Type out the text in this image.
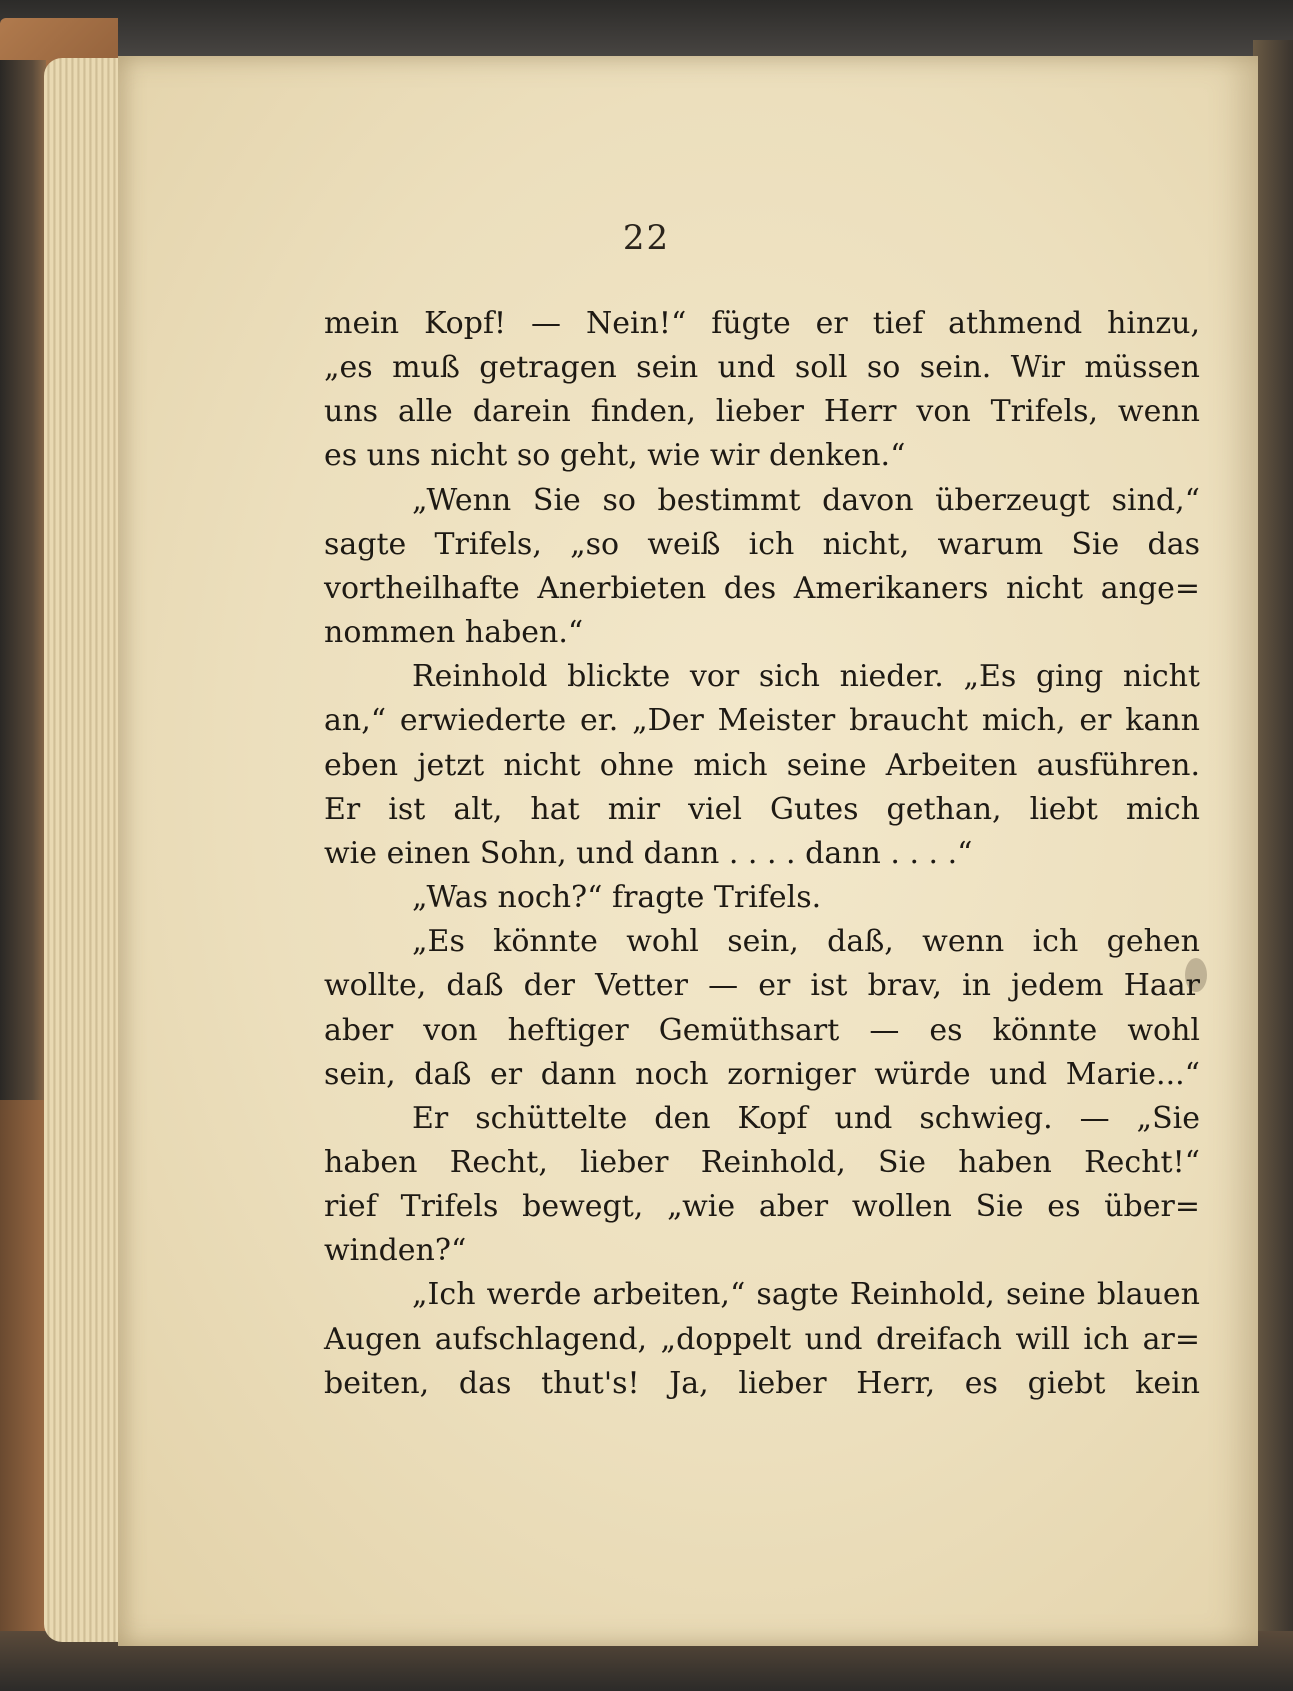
22
mein Kopf! — Nein!“ fügte er tief athmend hinzu,
„es muß getragen sein und soll so sein. Wir müssen
uns alle darein finden, lieber Herr von Trifels, wenn
es uns nicht so geht, wie wir denken.“
„Wenn Sie so bestimmt davon überzeugt sind,“
sagte Trifels, „so weiß ich nicht, warum Sie das
vortheilhafte Anerbieten des Amerikaners nicht ange=
nommen haben.“
Reinhold blickte vor sich nieder. „Es ging nicht
an,“ erwiederte er. „Der Meister braucht mich, er kann
eben jetzt nicht ohne mich seine Arbeiten ausführen.
Er ist alt, hat mir viel Gutes gethan, liebt mich
wie einen Sohn, und dann . . . . dann . . . .“
„Was noch?“ fragte Trifels.
„Es könnte wohl sein, daß, wenn ich gehen
wollte, daß der Vetter — er ist brav, in jedem Haar
aber von heftiger Gemüthsart — es könnte wohl
sein, daß er dann noch zorniger würde und Marie...“
Er schüttelte den Kopf und schwieg. — „Sie
haben Recht, lieber Reinhold, Sie haben Recht!“
rief Trifels bewegt, „wie aber wollen Sie es über=
winden?“
„Ich werde arbeiten,“ sagte Reinhold, seine blauen
Augen aufschlagend, „doppelt und dreifach will ich ar=
beiten, das thut's! Ja, lieber Herr, es giebt kein
